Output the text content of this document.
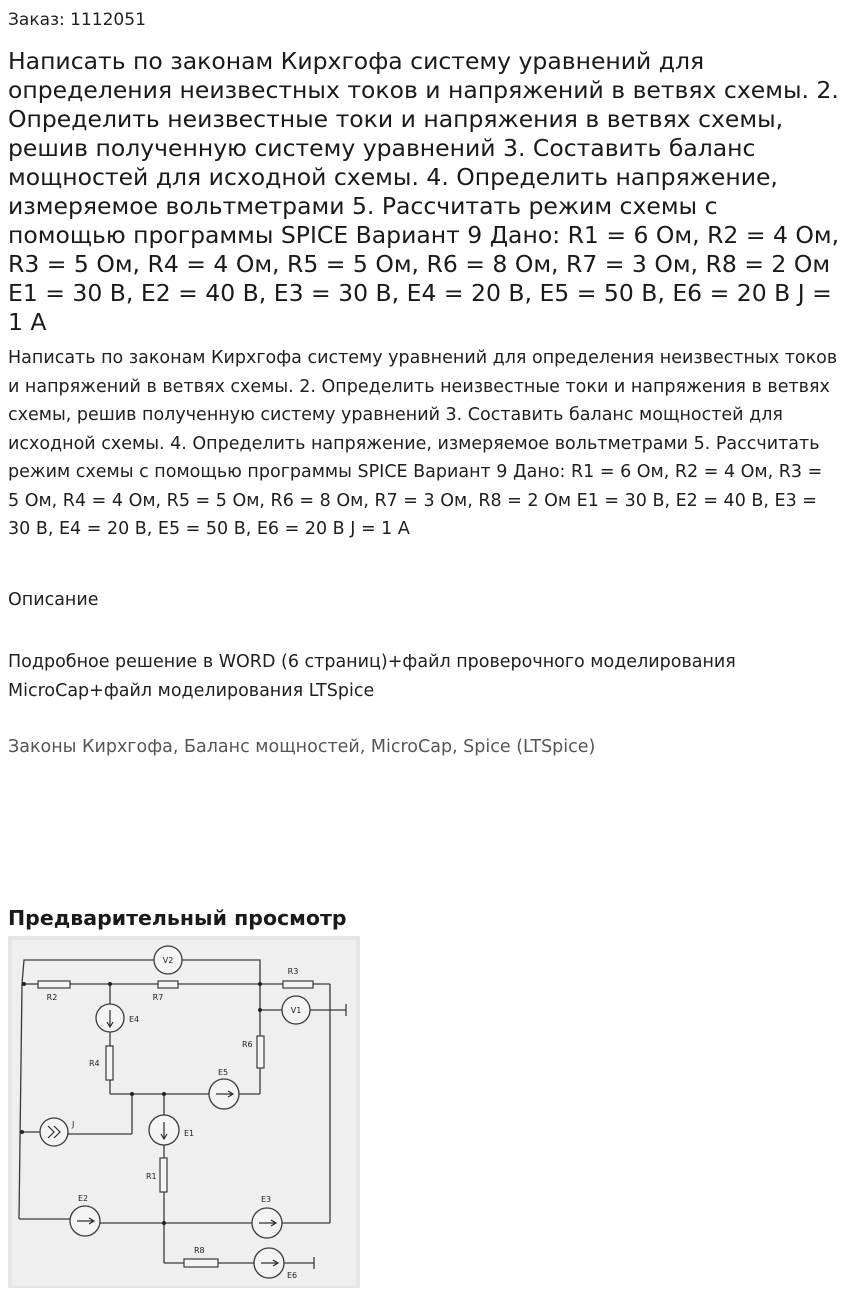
Заказ: 1112051
Написать по законам Кирхгофа систему уравнений для определения неизвестных токов и напряжений в ветвях схемы. 2. Определить неизвестные токи и напряжения в ветвях схемы, решив полученную систему уравнений 3. Составить баланс мощностей для исходной схемы. 4. Определить напряжение, измеряемое вольтметрами 5. Рассчитать режим схемы с помощью программы SPICE Вариант 9 Дано: R1 = 6 Ом, R2 = 4 Ом, R3 = 5 Ом, R4 = 4 Ом, R5 = 5 Ом, R6 = 8 Ом, R7 = 3 Ом, R8 = 2 Ом E1 = 30 В, E2 = 40 В, E3 = 30 В, E4 = 20 В, E5 = 50 В, E6 = 20 В J = 1 А

Написать по законам Кирхгофа систему уравнений для определения неизвестных токов и напряжений в ветвях схемы. 2. Определить неизвестные токи и напряжения в ветвях схемы, решив полученную систему уравнений 3. Составить баланс мощностей для исходной схемы. 4. Определить напряжение, измеряемое вольтметрами 5. Рассчитать режим схемы с помощью программы SPICE Вариант 9 Дано: R1 = 6 Ом, R2 = 4 Ом, R3 = 5 Ом, R4 = 4 Ом, R5 = 5 Ом, R6 = 8 Ом, R7 = 3 Ом, R8 = 2 Ом E1 = 30 В, E2 = 40 В, E3 = 30 В, E4 = 20 В, E5 = 50 В, E6 = 20 В J = 1 А

Описание

Подробное решение в WORD (6 страниц)+файл проверочного моделирования MicroCap+файл моделирования LTSpice

Законы Кирхгофа, Баланс мощностей, MicroCap, Spice (LTSpice)

Предварительный просмотр
V2
V1
R2	R7
R3
E4
R4
R6
E5
J
E1
R1
E2	E3
R8
E6
